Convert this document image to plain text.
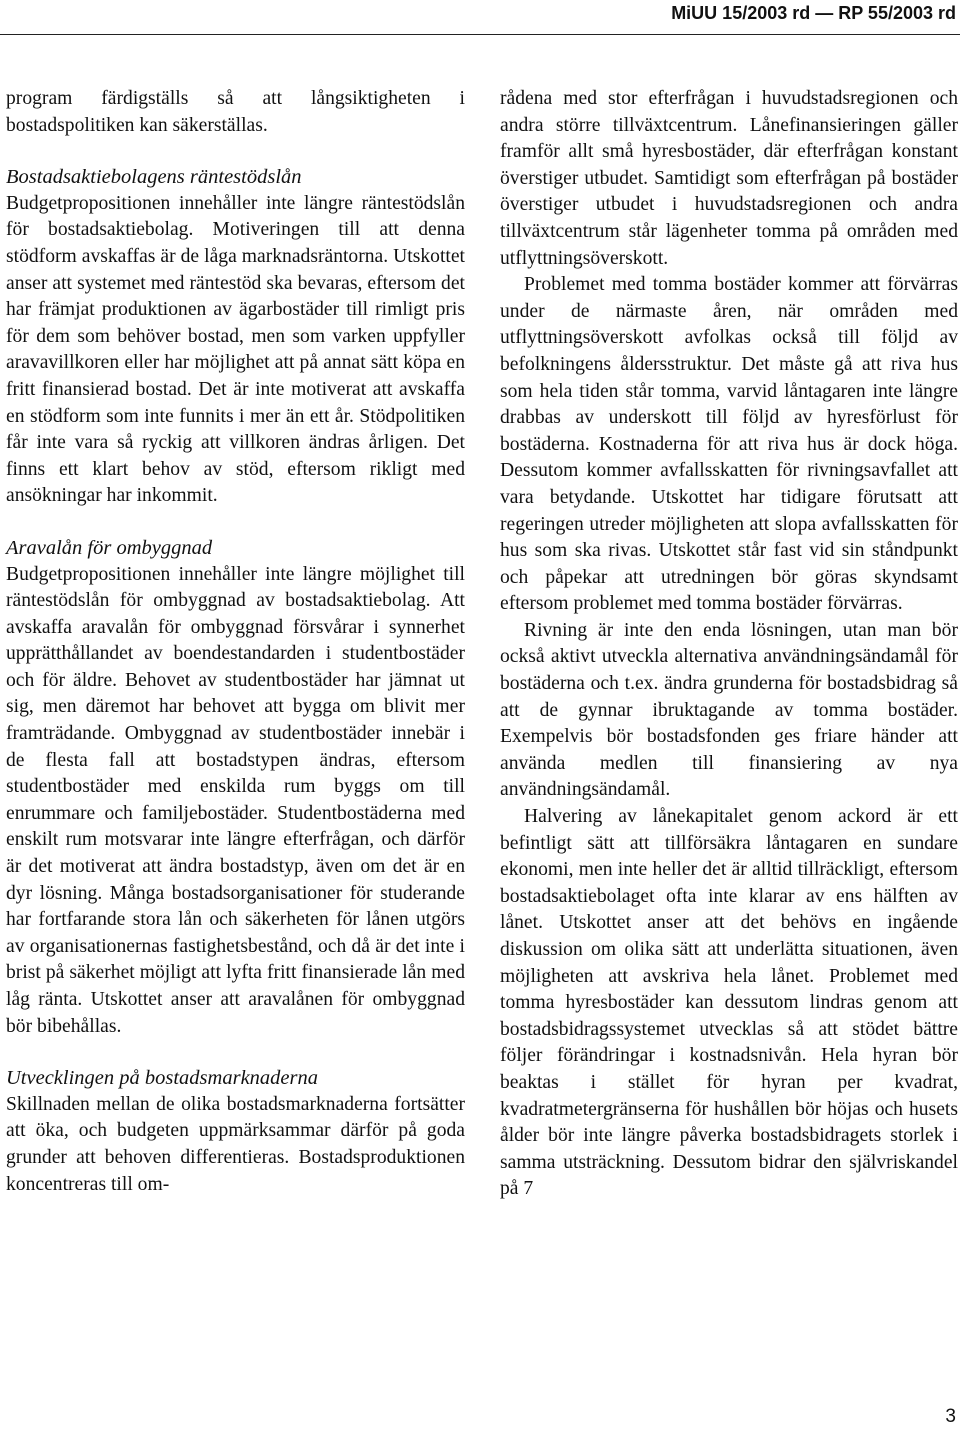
MiUU 15/2003 rd — RP 55/2003 rd

program färdigställs så att långsiktigheten i bostadspolitiken kan säkerställas.

Bostadsaktiebolagens räntestödslån

Budgetpropositionen innehåller inte längre räntestödslån för bostadsaktiebolag. Motiveringen till att denna stödform avskaffas är de låga marknadsräntorna. Utskottet anser att systemet med räntestöd ska bevaras, eftersom det har främjat produktionen av ägarbostäder till rimligt pris för dem som behöver bostad, men som varken uppfyller aravavillkoren eller har möjlighet att på annat sätt köpa en fritt finansierad bostad. Det är inte motiverat att avskaffa en stödform som inte funnits i mer än ett år. Stödpolitiken får inte vara så ryckig att villkoren ändras årligen. Det finns ett klart behov av stöd, eftersom rikligt med ansökningar har inkommit.

Aravalån för ombyggnad

Budgetpropositionen innehåller inte längre möjlighet till räntestödslån för ombyggnad av bostadsaktiebolag. Att avskaffa aravalån för ombyggnad försvårar i synnerhet upprätthållandet av boendestandarden i studentbostäder och för äldre. Behovet av studentbostäder har jämnat ut sig, men däremot har behovet att bygga om blivit mer framträdande. Ombyggnad av studentbostäder innebär i de flesta fall att bostadstypen ändras, eftersom studentbostäder med enskilda rum byggs om till enrummare och familjebostäder. Studentbostäderna med enskilt rum motsvarar inte längre efterfrågan, och därför är det motiverat att ändra bostadstyp, även om det är en dyr lösning. Många bostadsorganisationer för studerande har fortfarande stora lån och säkerheten för lånen utgörs av organisationernas fastighetsbestånd, och då är det inte i brist på säkerhet möjligt att lyfta fritt finansierade lån med låg ränta. Utskottet anser att aravalånen för ombyggnad bör bibehållas.

Utvecklingen på bostadsmarknaderna

Skillnaden mellan de olika bostadsmarknaderna fortsätter att öka, och budgeten uppmärksammar därför på goda grunder att behoven differentieras. Bostadsproduktionen koncentreras till om-

rådena med stor efterfrågan i huvudstadsregionen och andra större tillväxtcentrum. Lånefinansieringen gäller framför allt små hyresbostäder, där efterfrågan konstant överstiger utbudet. Samtidigt som efterfrågan på bostäder överstiger utbudet i huvudstadsregionen och andra tillväxtcentrum står lägenheter tomma på områden med utflyttningsöverskott.

Problemet med tomma bostäder kommer att förvärras under de närmaste åren, när områden med utflyttningsöverskott avfolkas också till följd av befolkningens åldersstruktur. Det måste gå att riva hus som hela tiden står tomma, varvid låntagaren inte längre drabbas av underskott till följd av hyresförlust för bostäderna. Kostnaderna för att riva hus är dock höga. Dessutom kommer avfallsskatten för rivningsavfallet att vara betydande. Utskottet har tidigare förutsatt att regeringen utreder möjligheten att slopa avfallsskatten för hus som ska rivas. Utskottet står fast vid sin ståndpunkt och påpekar att utredningen bör göras skyndsamt eftersom problemet med tomma bostäder förvärras.

Rivning är inte den enda lösningen, utan man bör också aktivt utveckla alternativa användningsändamål för bostäderna och t.ex. ändra grunderna för bostadsbidrag så att de gynnar ibruktagande av tomma bostäder. Exempelvis bör bostadsfonden ges friare händer att använda medlen till finansiering av nya användningsändamål.

Halvering av lånekapitalet genom ackord är ett befintligt sätt att tillförsäkra låntagaren en sundare ekonomi, men inte heller det är alltid tillräckligt, eftersom bostadsaktiebolaget ofta inte klarar av ens hälften av lånet. Utskottet anser att det behövs en ingående diskussion om olika sätt att underlätta situationen, även möjligheten att avskriva hela lånet. Problemet med tomma hyresbostäder kan dessutom lindras genom att bostadsbidragssystemet utvecklas så att stödet bättre följer förändringar i kostnadsnivån. Hela hyran bör beaktas i stället för hyran per kvadrat, kvadratmetergränserna för hushållen bör höjas och husets ålder bör inte längre påverka bostadsbidragets storlek i samma utsträckning. Dessutom bidrar den självriskandel på 7

3
